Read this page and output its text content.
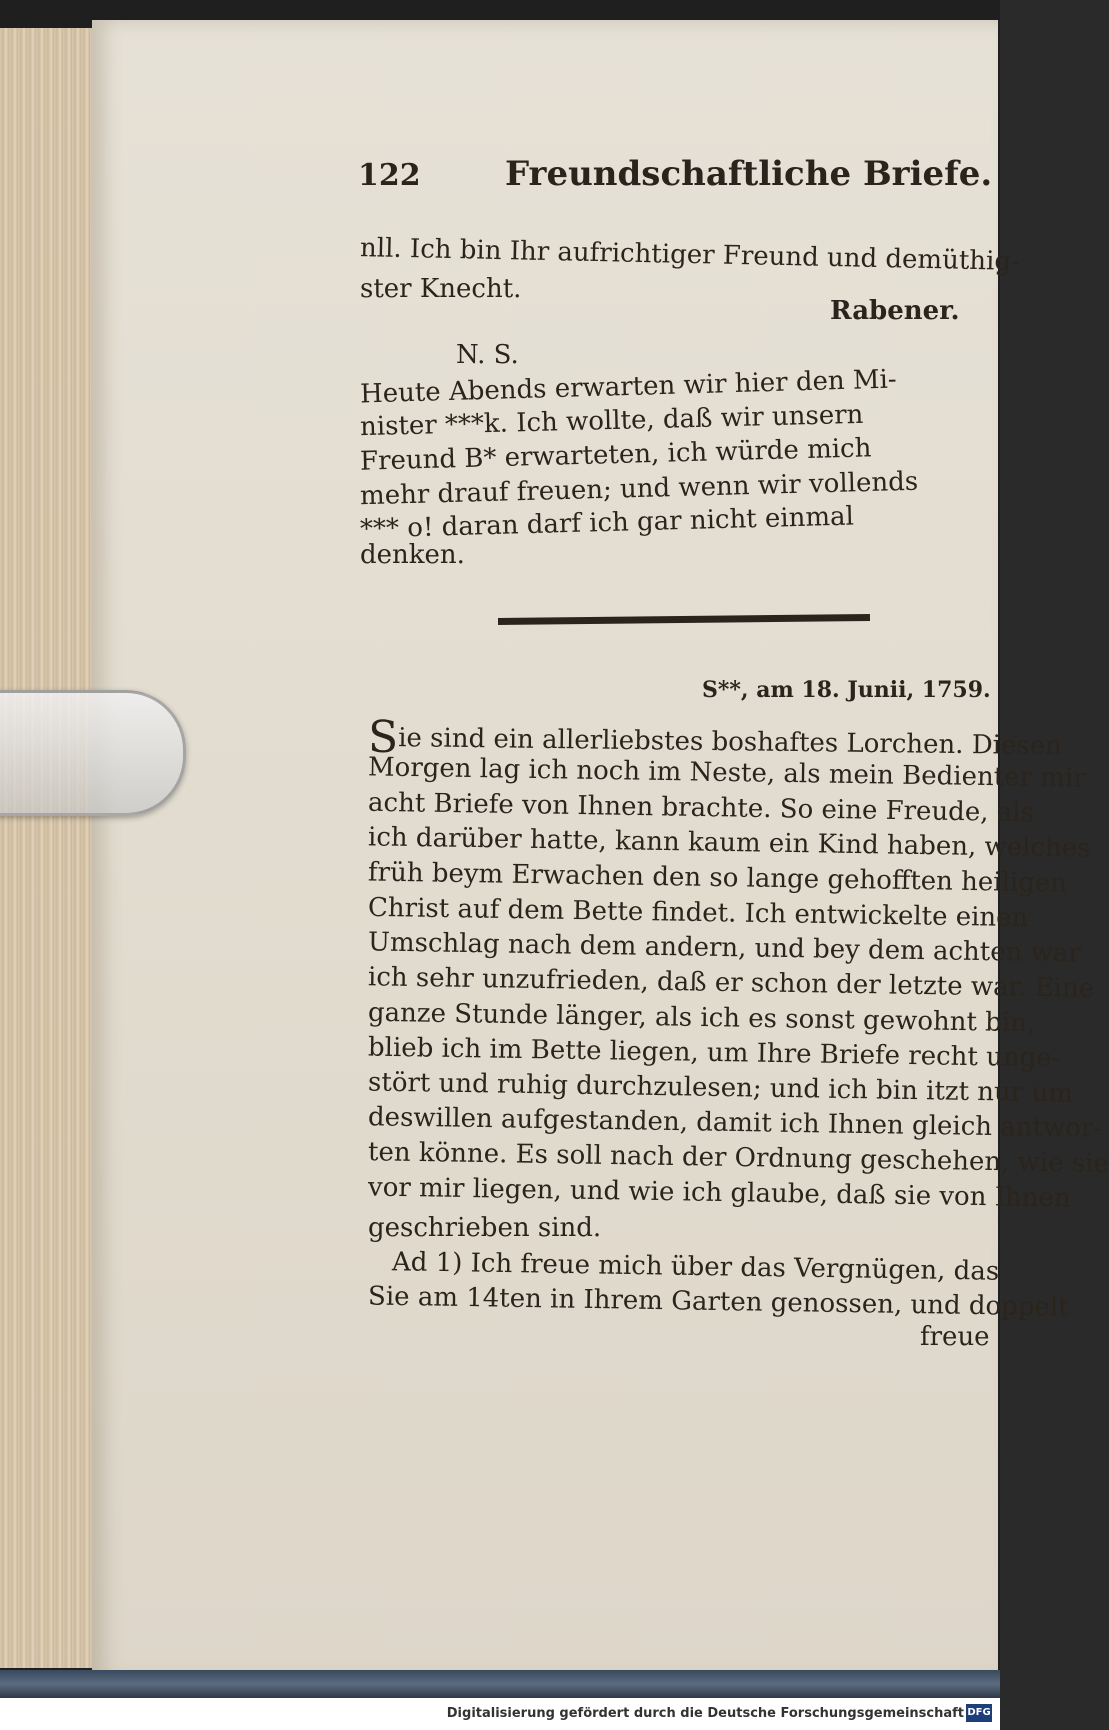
122 Freundschaftliche Briefe.
nll. Ich bin Ihr aufrichtiger Freund und demüthig-
ster Knecht.
Rabener.
N. S.
Heute Abends erwarten wir hier den Mi-
nister ***k. Ich wollte, daß wir unsern
Freund B* erwarteten, ich würde mich
mehr drauf freuen; und wenn wir vollends
*** o! daran darf ich gar nicht einmal
denken.
S**, am 18. Junii, 1759.
Sie sind ein allerliebstes boshaftes Lorchen. Diesen
Morgen lag ich noch im Neste, als mein Bedienter mir
acht Briefe von Ihnen brachte. So eine Freude, als
ich darüber hatte, kann kaum ein Kind haben, welches
früh beym Erwachen den so lange gehofften heiligen
Christ auf dem Bette findet. Ich entwickelte einen
Umschlag nach dem andern, und bey dem achten war
ich sehr unzufrieden, daß er schon der letzte war. Eine
ganze Stunde länger, als ich es sonst gewohnt bin,
blieb ich im Bette liegen, um Ihre Briefe recht unge-
stört und ruhig durchzulesen; und ich bin itzt nur um
deswillen aufgestanden, damit ich Ihnen gleich antwor-
ten könne. Es soll nach der Ordnung geschehen, wie sie
vor mir liegen, und wie ich glaube, daß sie von Ihnen
geschrieben sind.
Ad 1) Ich freue mich über das Vergnügen, das
Sie am 14ten in Ihrem Garten genossen, und doppelt
freue
Digitalisierung gefördert durch die Deutsche Forschungsgemeinschaft DFG
